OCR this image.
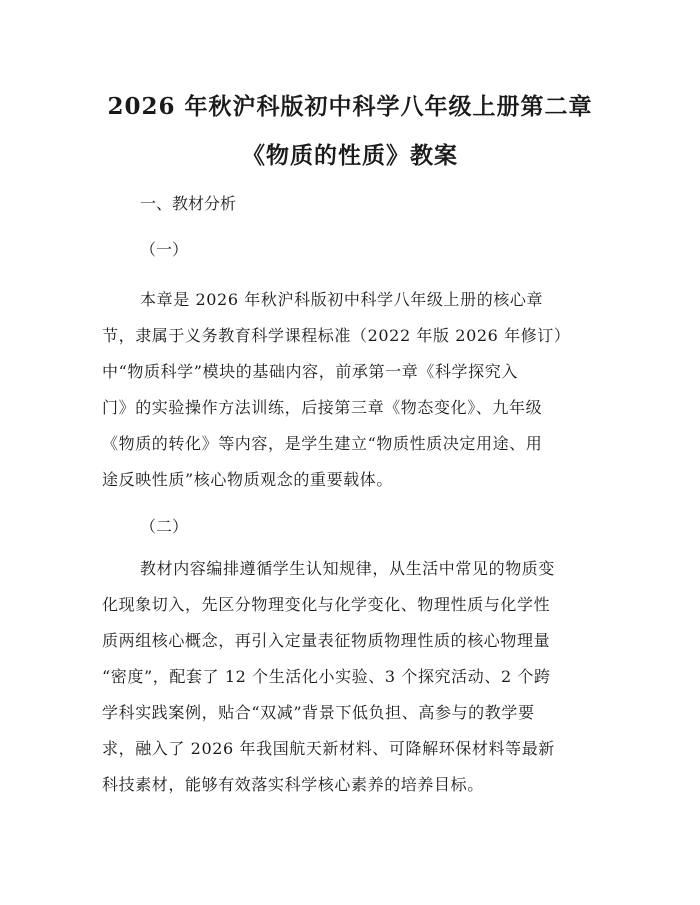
2026 年秋沪科版初中科学八年级上册第二章
《物质的性质》教案
一、教材分析
（一）
本章是 2026 年秋沪科版初中科学八年级上册的核心章
节，隶属于义务教育科学课程标准（2022 年版 2026 年修订）
中“物质科学”模块的基础内容，前承第一章《科学探究入
门》的实验操作方法训练，后接第三章《物态变化》、九年级
《物质的转化》等内容，是学生建立“物质性质决定用途、用
途反映性质”核心物质观念的重要载体。
（二）
教材内容编排遵循学生认知规律，从生活中常见的物质变
化现象切入，先区分物理变化与化学变化、物理性质与化学性
质两组核心概念，再引入定量表征物质物理性质的核心物理量
“密度”，配套了 12 个生活化小实验、3 个探究活动、2 个跨
学科实践案例，贴合“双减”背景下低负担、高参与的教学要
求，融入了 2026 年我国航天新材料、可降解环保材料等最新
科技素材，能够有效落实科学核心素养的培养目标。
